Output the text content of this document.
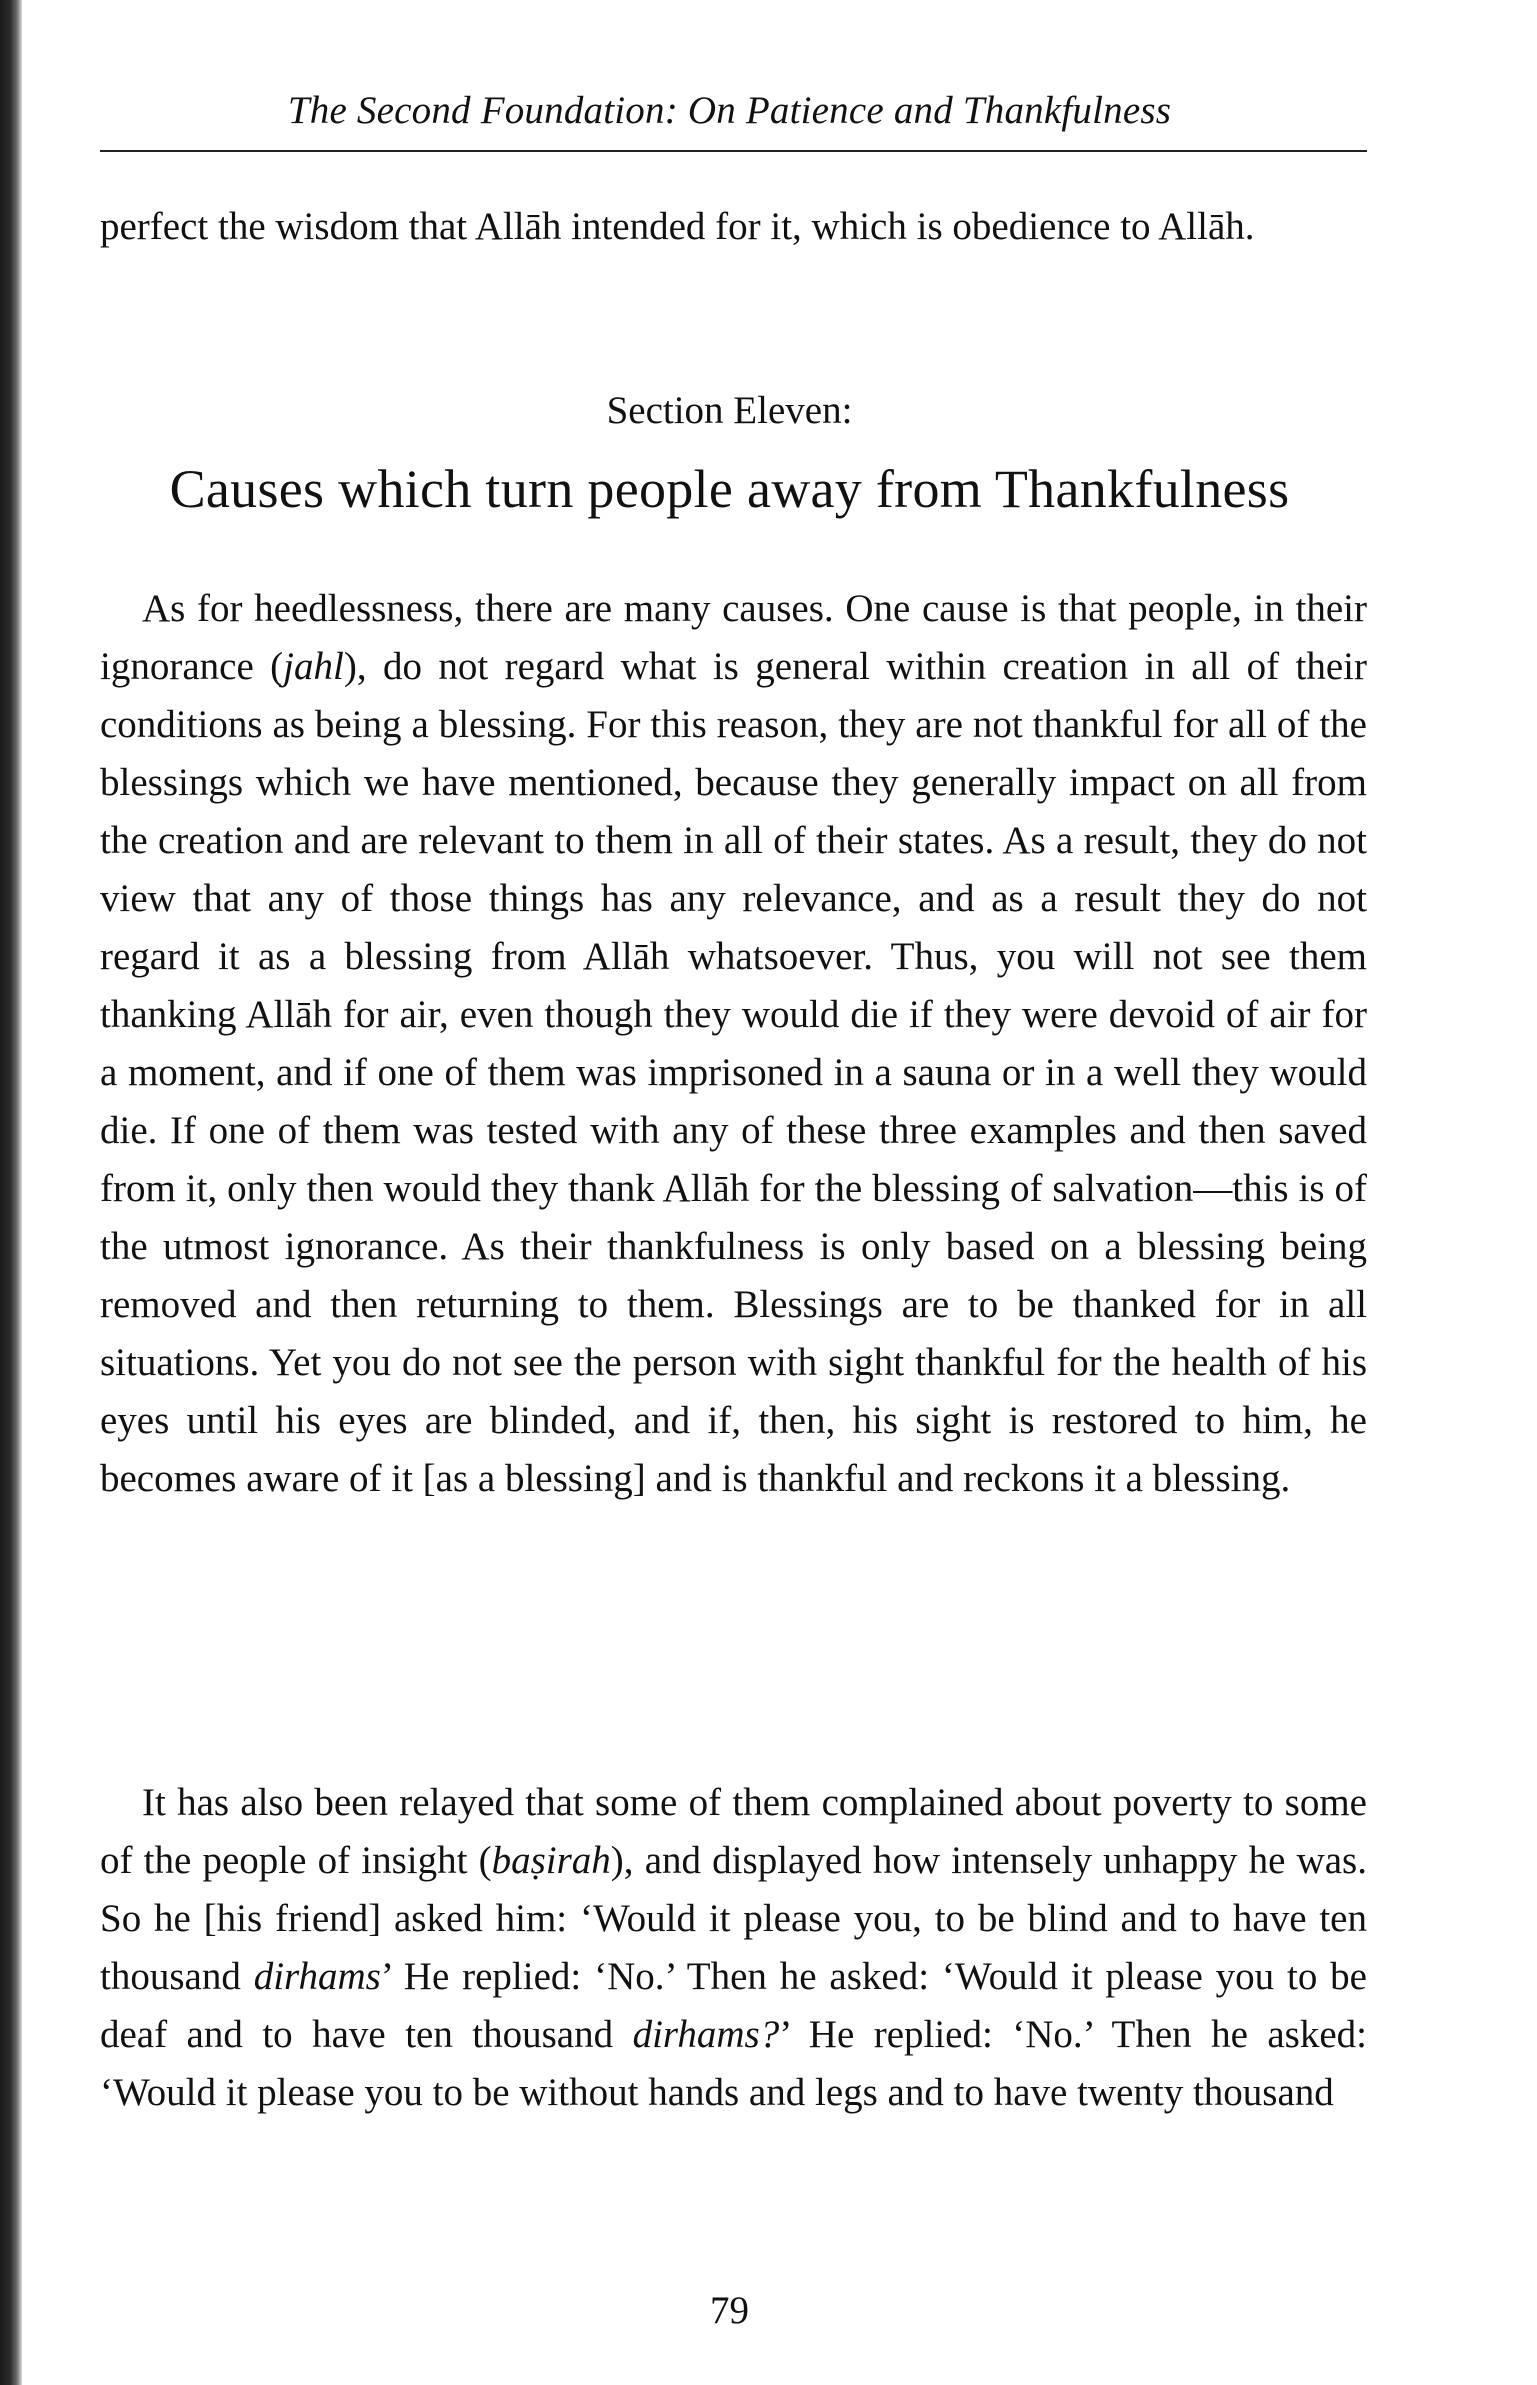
The Second Foundation: On Patience and Thankfulness

perfect the wisdom that Allāh intended for it, which is obedience to Allāh.

Section Eleven:
Causes which turn people away from Thankfulness

As for heedlessness, there are many causes. One cause is that people, in their ignorance (jahl), do not regard what is general within creation in all of their conditions as being a blessing. For this reason, they are not thankful for all of the blessings which we have mentioned, because they generally impact on all from the creation and are relevant to them in all of their states. As a result, they do not view that any of those things has any relevance, and as a result they do not regard it as a blessing from Allāh whatsoever. Thus, you will not see them thanking Allāh for air, even though they would die if they were devoid of air for a moment, and if one of them was imprisoned in a sauna or in a well they would die. If one of them was tested with any of these three examples and then saved from it, only then would they thank Allāh for the blessing of salvation—this is of the utmost ignorance. As their thankfulness is only based on a blessing being removed and then returning to them. Blessings are to be thanked for in all situations. Yet you do not see the person with sight thankful for the health of his eyes until his eyes are blinded, and if, then, his sight is restored to him, he becomes aware of it [as a blessing] and is thankful and reckons it a blessing.

It has also been relayed that some of them complained about poverty to some of the people of insight (baṣirah), and displayed how intensely unhappy he was. So he [his friend] asked him: ‘Would it please you, to be blind and to have ten thousand dirhams’ He replied: ‘No.’ Then he asked: ‘Would it please you to be deaf and to have ten thousand dirhams?’ He replied: ‘No.’ Then he asked: ‘Would it please you to be without hands and legs and to have twenty thousand

79
